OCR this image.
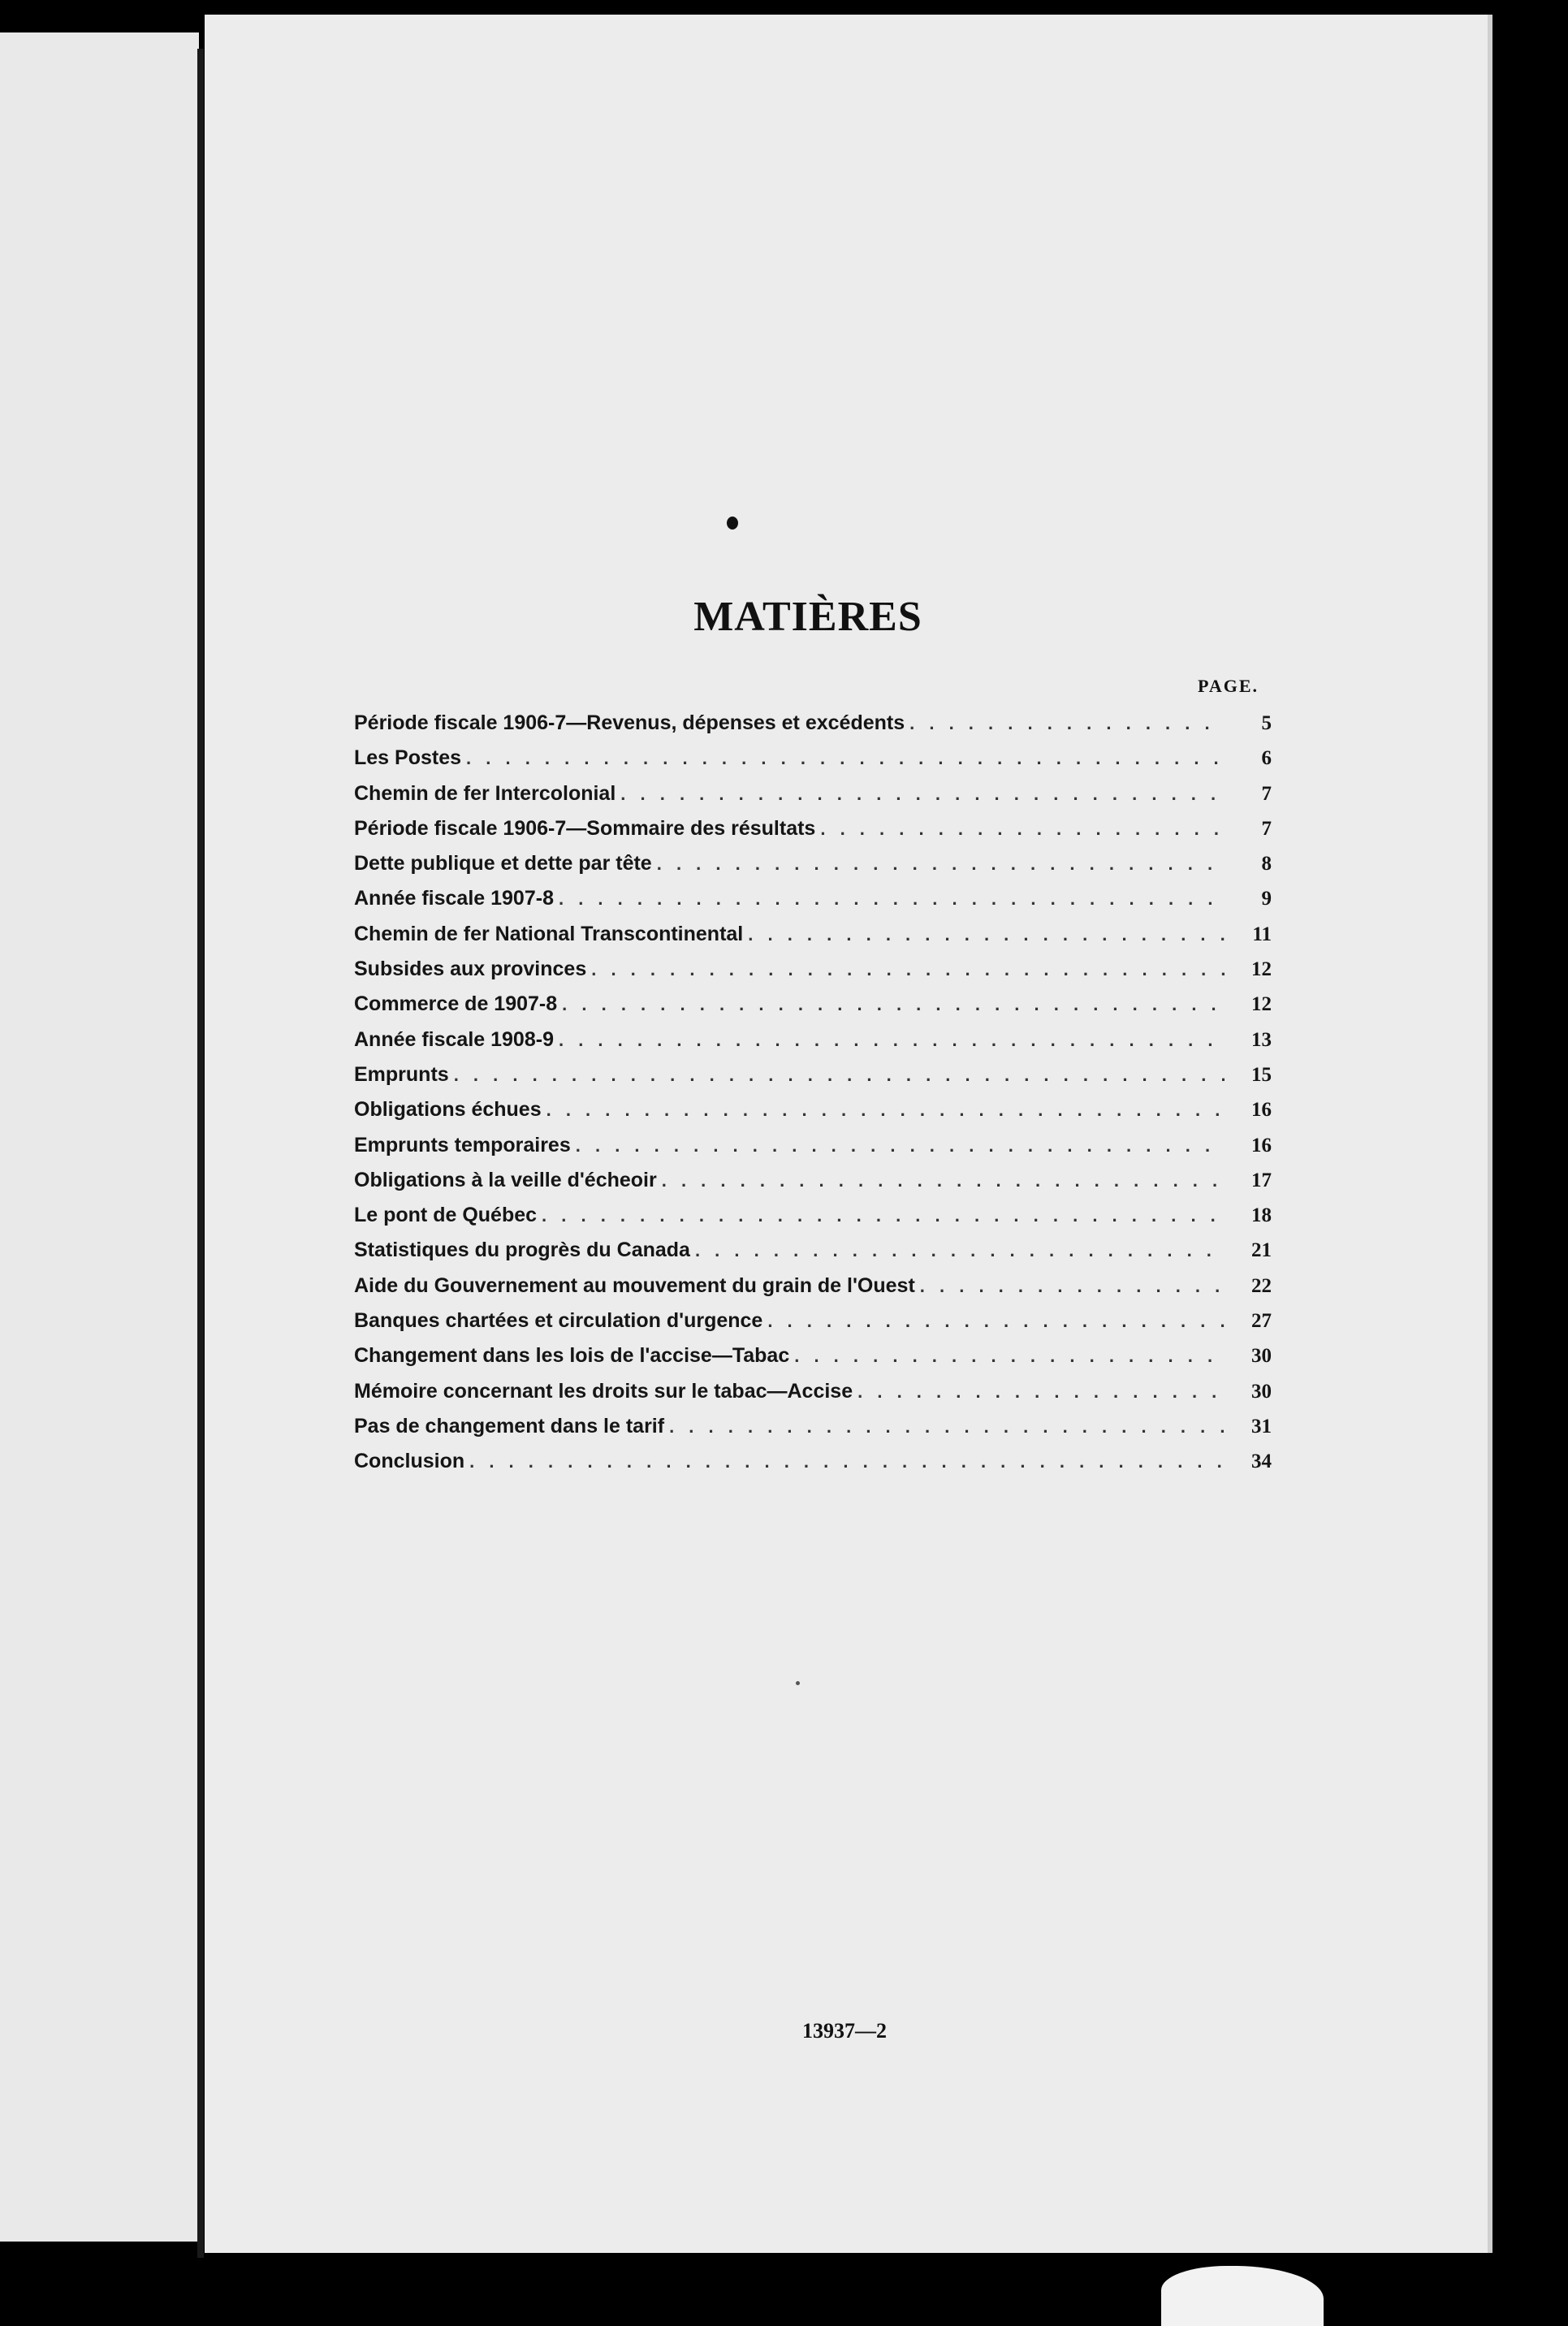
MATIÈRES
PAGE.
Période fiscale 1906-7—Revenus, dépenses et excédents . . .	5
Les Postes . . .	6
Chemin de fer Intercolonial . . .	7
Période fiscale 1906-7—Sommaire des résultats . . .	7
Dette publique et dette par tête . . .	8
Année fiscale 1907-8 . . .	9
Chemin de fer National Transcontinental . . .	11
Subsides aux provinces . . .	12
Commerce de 1907-8 . . .	12
Année fiscale 1908-9 . . .	13
Emprunts . . .	15
Obligations échues . . .	16
Emprunts temporaires . . .	16
Obligations à la veille d'écheoir . . .	17
Le pont de Québec . . .	18
Statistiques du progrès du Canada . . .	21
Aide du Gouvernement au mouvement du grain de l'Ouest . . .	22
Banques chartées et circulation d'urgence . . .	27
Changement dans les lois de l'accise—Tabac . . .	30
Mémoire concernant les droits sur le tabac—Accise . . .	30
Pas de changement dans le tarif . . .	31
Conclusion . . .	34
13937—2
